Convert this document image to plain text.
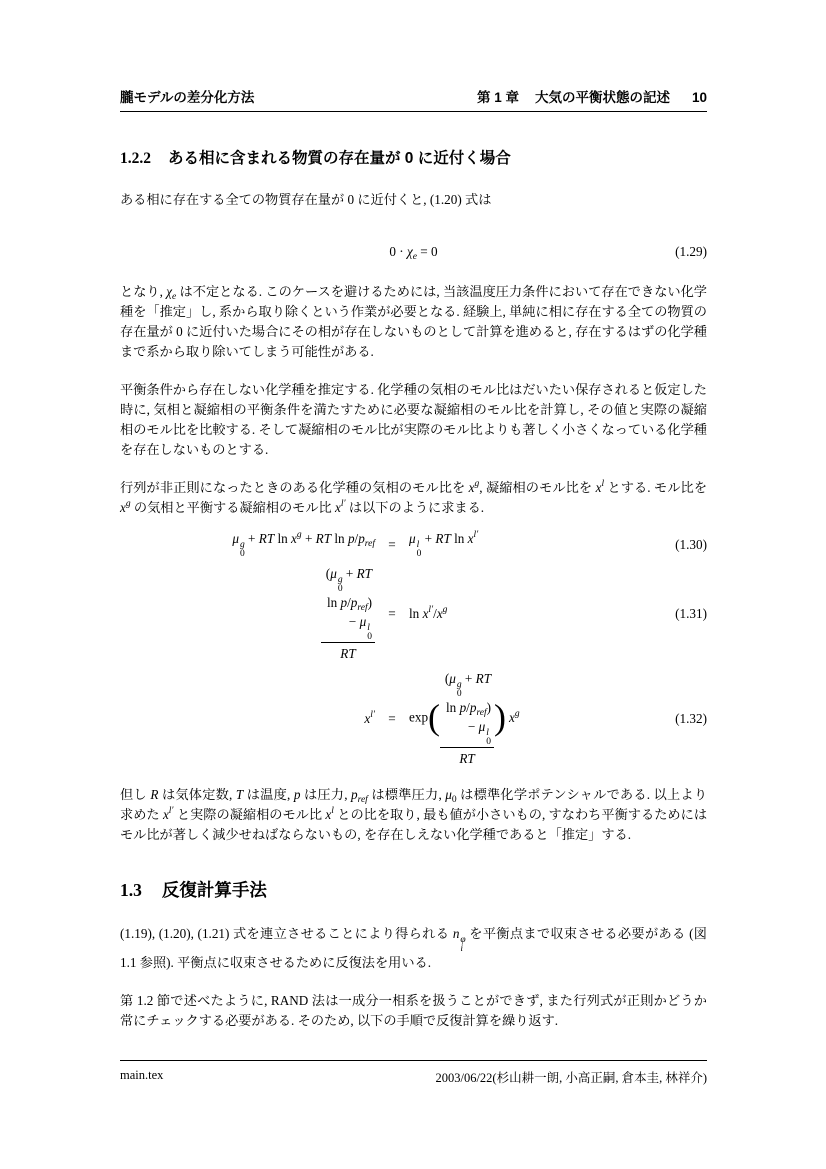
朧モデルの差分化方法	第 1 章 大気の平衡状態の記述 10
1.2.2 ある相に含まれる物質の存在量が 0 に近付く場合

ある相に存在する全ての物質存在量が 0 に近付くと, (1.20) 式は

0 · χe = 0	(1.29)

となり, χe は不定となる. このケースを避けるためには, 当該温度圧力条件において存在できない化学種を「推定」し, 系から取り除くという作業が必要となる. 経験上, 単純に相に存在する全ての物質の存在量が 0 に近付いた場合にその相が存在しないものとして計算を進めると, 存在するはずの化学種まで系から取り除いてしまう可能性がある.

平衡条件から存在しない化学種を推定する. 化学種の気相のモル比はだいたい保存されると仮定した時に, 気相と凝縮相の平衡条件を満たすために必要な凝縮相のモル比を計算し, その値と実際の凝縮相のモル比を比較する. そして凝縮相のモル比が実際のモル比よりも著しく小さくなっている化学種を存在しないものとする.

行列が非正則になったときのある化学種の気相のモル比を xg, 凝縮相のモル比を xl とする. モル比を xg の気相と平衡する凝縮相のモル比 xl′ は以下のように求まる.

μ g
0
+ RT ln xg + RT ln p/pref	=	μ l
0
+ RT ln xl′	(1.30)

(μ g
0
+ RT ln p/pref) − μ l
0
RT	=	ln xl′/xg	(1.31)
xl′	=	exp( (μ g
0
+ RT ln p/pref) − μ l
0
RT ) xg	(1.32)

但し R は気体定数, T は温度, p は圧力, pref は標準圧力, μ0 は標準化学ポテンシャルである. 以上より求めた xl′ と実際の凝縮相のモル比 xl との比を取り, 最も値が小さいもの, すなわち平衡するためにはモル比が著しく減少せねばならないもの, を存在しえない化学種であると「推定」する.

1.3 反復計算手法

(1.19), (1.20), (1.21) 式を連立させることにより得られる n φ
i
を平衡点まで収束させる必要がある (図 1.1 参照). 平衡点に収束させるために反復法を用いる.

第 1.2 節で述べたように, RAND 法は一成分一相系を扱うことができず, また行列式が正則かどうか常にチェックする必要がある. そのため, 以下の手順で反復計算を繰り返す.

main.tex	2003/06/22(杉山耕一朗, 小高正嗣, 倉本圭, 林祥介)
